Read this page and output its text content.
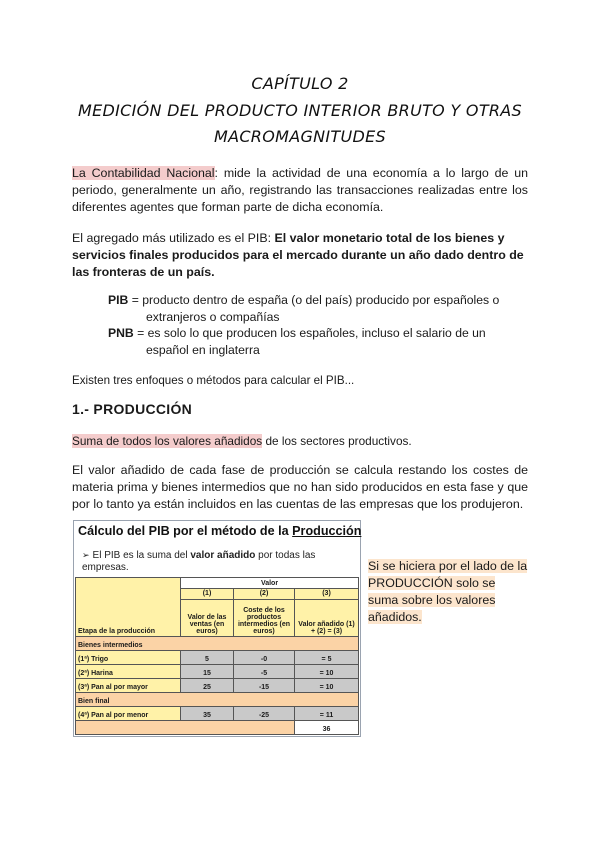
CAPÍTULO 2
MEDICIÓN DEL PRODUCTO INTERIOR BRUTO Y OTRAS
MACROMAGNITUDES
La Contabilidad Nacional: mide la actividad de una economía a lo largo de un periodo, generalmente un año, registrando las transacciones realizadas entre los diferentes agentes que forman parte de dicha economía.
El agregado más utilizado es el PIB: El valor monetario total de los bienes y servicios finales producidos para el mercado durante un año dado dentro de las fronteras de un país.
PIB = producto dentro de españa (o del país) producido por españoles o
extranjeros o compañías
PNB = es solo lo que producen los españoles, incluso el salario de un
español en inglaterra
Existen tres enfoques o métodos para calcular el PIB...
1.- PRODUCCIÓN
Suma de todos los valores añadidos de los sectores productivos.
El valor añadido de cada fase de producción se calcula restando los costes de materia prima y bienes intermedios que no han sido producidos en esta fase y que por lo tanto ya están incluidos en las cuentas de las empresas que los produjeron.
Cálculo del PIB por el método de la Producción
➢ El PIB es la suma del valor añadido por todas las empresas.
Etapa de la producción	Valor		
	(1)	(2)	(3)
	Valor de las ventas (en euros)	Coste de los productos intermedios (en euros)	Valor añadido (1) + (2) = (3)
Bienes intermedios			
(1ª) Trigo	5	-0	= 5
(2ª) Harina	15	-5	= 10
(3ª) Pan al por mayor	25	-15	= 10
Bien final			
(4ª) Pan al por menor	35	-25	= 11
			36
Si se hiciera por el lado de la PRODUCCIÓN solo se suma sobre los valores añadidos.
